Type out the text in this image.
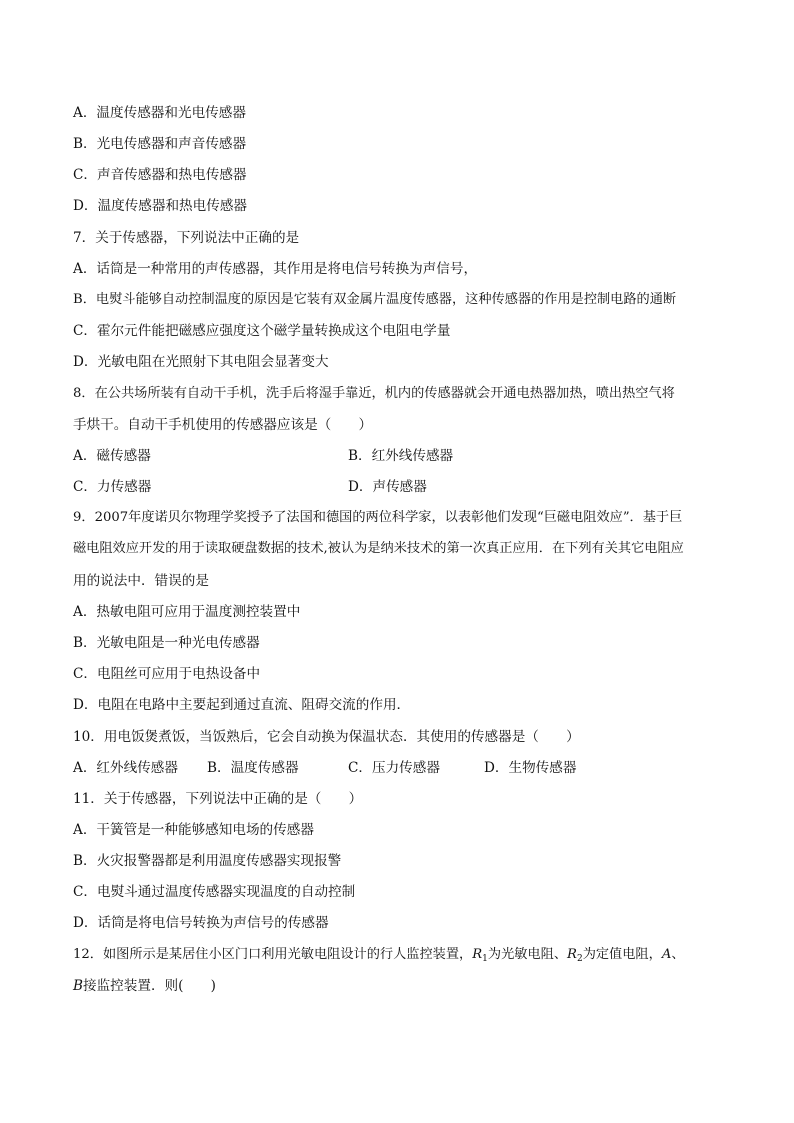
A．温度传感器和光电传感器
B．光电传感器和声音传感器
C．声音传感器和热电传感器
D．温度传感器和热电传感器
7．关于传感器，下列说法中正确的是
A．话筒是一种常用的声传感器，其作用是将电信号转换为声信号，
B．电熨斗能够自动控制温度的原因是它装有双金属片温度传感器，这种传感器的作用是控制电路的通断
C．霍尔元件能把磁感应强度这个磁学量转换成这个电阻电学量
D．光敏电阻在光照射下其电阻会显著变大
8．在公共场所装有自动干手机，洗手后将湿手靠近，机内的传感器就会开通电热器加热，喷出热空气将
手烘干。自动干手机使用的传感器应该是（　　）
A．磁传感器	B．红外线传感器
C．力传感器	D．声传感器
9．2007年度诺贝尔物理学奖授予了法国和德国的两位科学家，以表彰他们发现“巨磁电阻效应”．基于巨
磁电阻效应开发的用于读取硬盘数据的技术,被认为是纳米技术的第一次真正应用．在下列有关其它电阻应
用的说法中．错误的是
A．热敏电阻可应用于温度测控装置中
B．光敏电阻是一种光电传感器
C．电阻丝可应用于电热设备中
D．电阻在电路中主要起到通过直流、阻碍交流的作用．
10．用电饭煲煮饭，当饭熟后，它会自动换为保温状态．其使用的传感器是（　　）
A．红外线传感器 B．温度传感器	C．压力传感器	D．生物传感器
11．关于传感器，下列说法中正确的是（　　）
A．干簧管是一种能够感知电场的传感器
B．火灾报警器都是利用温度传感器实现报警
C．电熨斗通过温度传感器实现温度的自动控制
D．话筒是将电信号转换为声信号的传感器
12．如图所示是某居住小区门口利用光敏电阻设计的行人监控装置，$R_1$为光敏电阻、$R_2$为定值电阻，A、
B接监控装置．则(　　)
